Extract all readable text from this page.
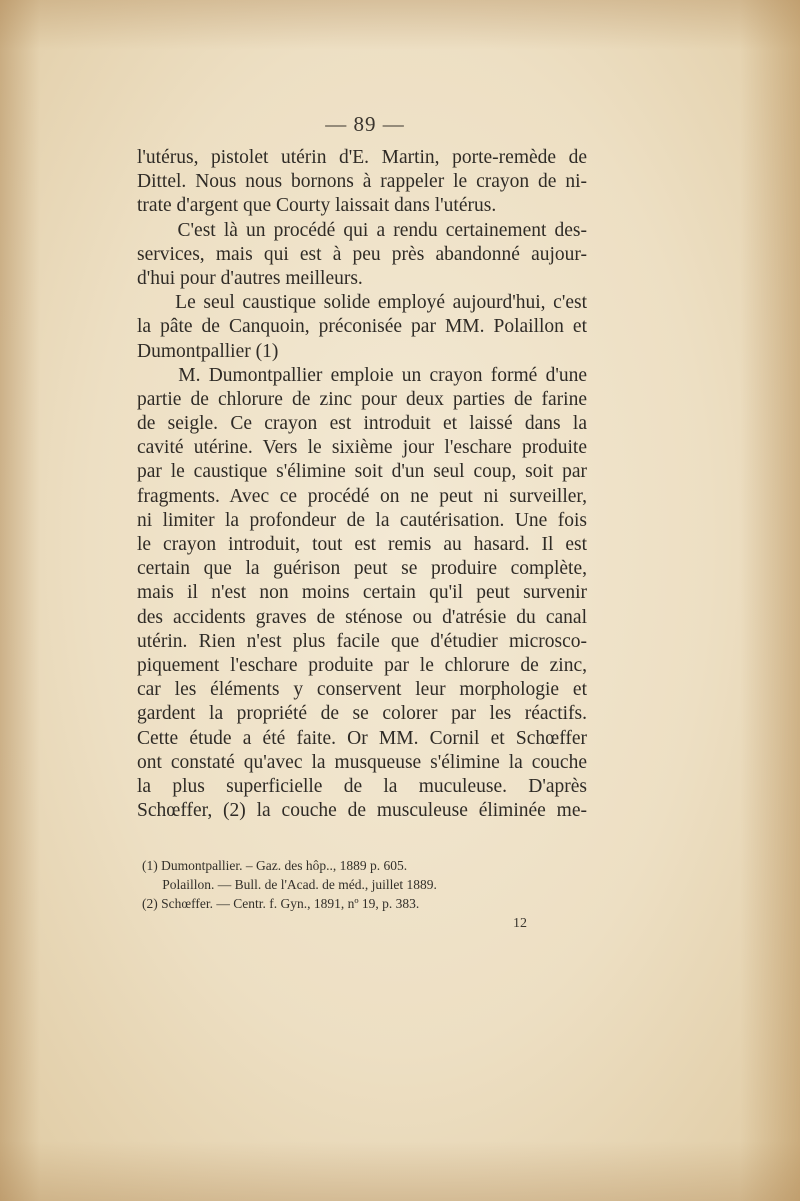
— 89 —
l'utérus, pistolet utérin d'E. Martin, porte-remède de
Dittel. Nous nous bornons à rappeler le crayon de ni-
trate d'argent que Courty laissait dans l'utérus.
C'est là un procédé qui a rendu certainement des-
services, mais qui est à peu près abandonné aujour-
d'hui pour d'autres meilleurs.
Le seul caustique solide employé aujourd'hui, c'est
la pâte de Canquoin, préconisée par MM. Polaillon et
Dumontpallier (1)
M. Dumontpallier emploie un crayon formé d'une
partie de chlorure de zinc pour deux parties de farine
de seigle. Ce crayon est introduit et laissé dans la
cavité utérine. Vers le sixième jour l'eschare produite
par le caustique s'élimine soit d'un seul coup, soit par
fragments. Avec ce procédé on ne peut ni surveiller,
ni limiter la profondeur de la cautérisation. Une fois
le crayon introduit, tout est remis au hasard. Il est
certain que la guérison peut se produire complète,
mais il n'est non moins certain qu'il peut survenir
des accidents graves de sténose ou d'atrésie du canal
utérin. Rien n'est plus facile que d'étudier microsco-
piquement l'eschare produite par le chlorure de zinc,
car les éléments y conservent leur morphologie et
gardent la propriété de se colorer par les réactifs.
Cette étude a été faite. Or MM. Cornil et Schœffer
ont constaté qu'avec la musqueuse s'élimine la couche
la plus superficielle de la muculeuse. D'après
Schœffer, (2) la couche de musculeuse éliminée me-
(1) Dumontpallier. – Gaz. des hôp.., 1889 p. 605.
Polaillon. — Bull. de l'Acad. de méd., juillet 1889.
(2) Schœffer. — Centr. f. Gyn., 1891, nº 19, p. 383.
12
